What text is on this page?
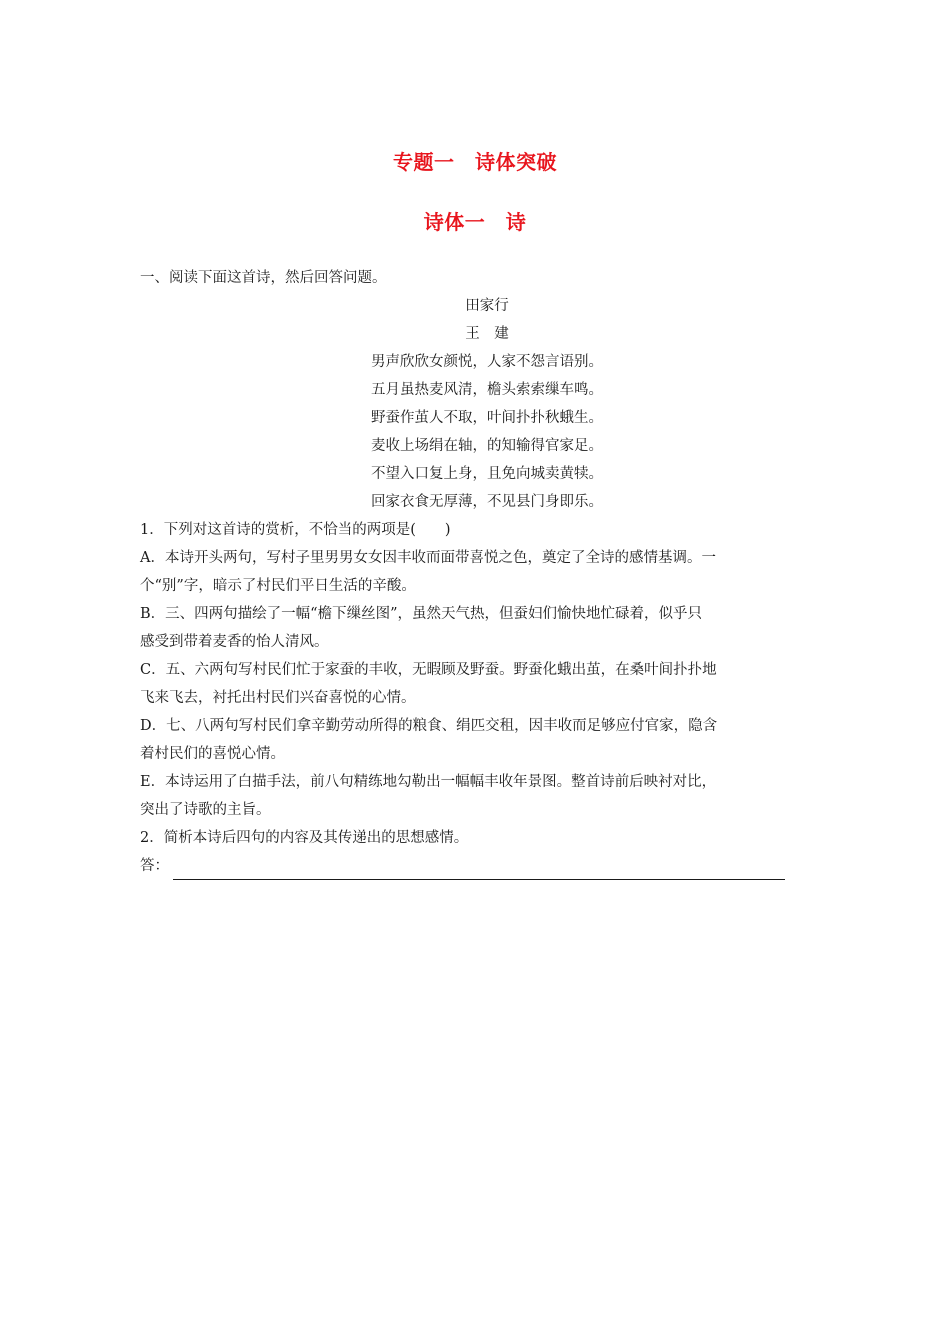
专题一　诗体突破
诗体一　诗
一、阅读下面这首诗，然后回答问题。
田家行
王　建
男声欣欣女颜悦，人家不怨言语别。
五月虽热麦风清，檐头索索缫车鸣。
野蚕作茧人不取，叶间扑扑秋蛾生。
麦收上场绢在轴，的知输得官家足。
不望入口复上身，且免向城卖黄犊。
回家衣食无厚薄，不见县门身即乐。
1．下列对这首诗的赏析，不恰当的两项是(　　)
A．本诗开头两句，写村子里男男女女因丰收而面带喜悦之色，奠定了全诗的感情基调。一
个“别”字，暗示了村民们平日生活的辛酸。
B．三、四两句描绘了一幅“檐下缫丝图”，虽然天气热，但蚕妇们愉快地忙碌着，似乎只
感受到带着麦香的怡人清风。
C．五、六两句写村民们忙于家蚕的丰收，无暇顾及野蚕。野蚕化蛾出茧，在桑叶间扑扑地
飞来飞去，衬托出村民们兴奋喜悦的心情。
D．七、八两句写村民们拿辛勤劳动所得的粮食、绢匹交租，因丰收而足够应付官家，隐含
着村民们的喜悦心情。
E．本诗运用了白描手法，前八句精练地勾勒出一幅幅丰收年景图。整首诗前后映衬对比，
突出了诗歌的主旨。
2．简析本诗后四句的内容及其传递出的思想感情。
答：
